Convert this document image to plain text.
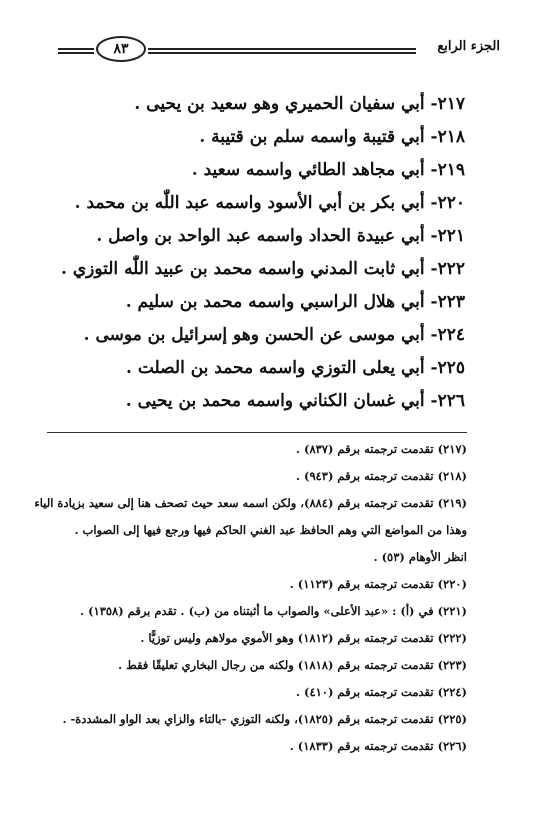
٨٣	الجزء الرابع
٢١٧- أبي سفيان الحميري وهو سعيد بن يحيى .
٢١٨- أبي قتيبة واسمه سلم بن قتيبة .
٢١٩- أبي مجاهد الطائي واسمه سعيد .
٢٢٠- أبي بكر بن أبي الأسود واسمه عبد اللّٰه بن محمد .
٢٢١- أبي عبيدة الحداد واسمه عبد الواحد بن واصل .
٢٢٢- أبي ثابت المدني واسمه محمد بن عبيد اللّٰه التوزي .
٢٢٣- أبي هلال الراسبي واسمه محمد بن سليم .
٢٢٤- أبي موسى عن الحسن وهو إسرائيل بن موسى .
٢٢٥- أبي يعلى التوزي واسمه محمد بن الصلت .
٢٢٦- أبي غسان الكناني واسمه محمد بن يحيى .
(٢١٧) تقدمت ترجمته برقم (٨٣٧) .
(٢١٨) تقدمت ترجمته برقم (٩٤٣) .
(٢١٩) تقدمت ترجمته برقم (٨٨٤)، ولكن اسمه سعد حيث تصحف هنا إلى سعيد بزيادة الياء
وهذا من المواضع التي وهم الحافظ عبد الغني الحاكم فيها ورجع فيها إلى الصواب .
انظر الأوهام (٥٣) .
(٢٢٠) تقدمت ترجمته برقم (١١٢٣) .
(٢٢١) في (أ) : «عبد الأعلى» والصواب ما أثبتناه من (ب) . تقدم برقم (١٣٥٨) .
(٢٢٢) تقدمت ترجمته برقم (١٨١٢) وهو الأموي مولاهم وليس توزيًّا .
(٢٢٣) تقدمت ترجمته برقم (١٨١٨) ولكنه من رجال البخاري تعليقًا فقط .
(٢٢٤) تقدمت ترجمته برقم (٤١٠) .
(٢٢٥) تقدمت ترجمته برقم (١٨٢٥)، ولكنه التوزي -بالتاء والزاي بعد الواو المشددة- .
(٢٢٦) تقدمت ترجمته برقم (١٨٣٣) .
